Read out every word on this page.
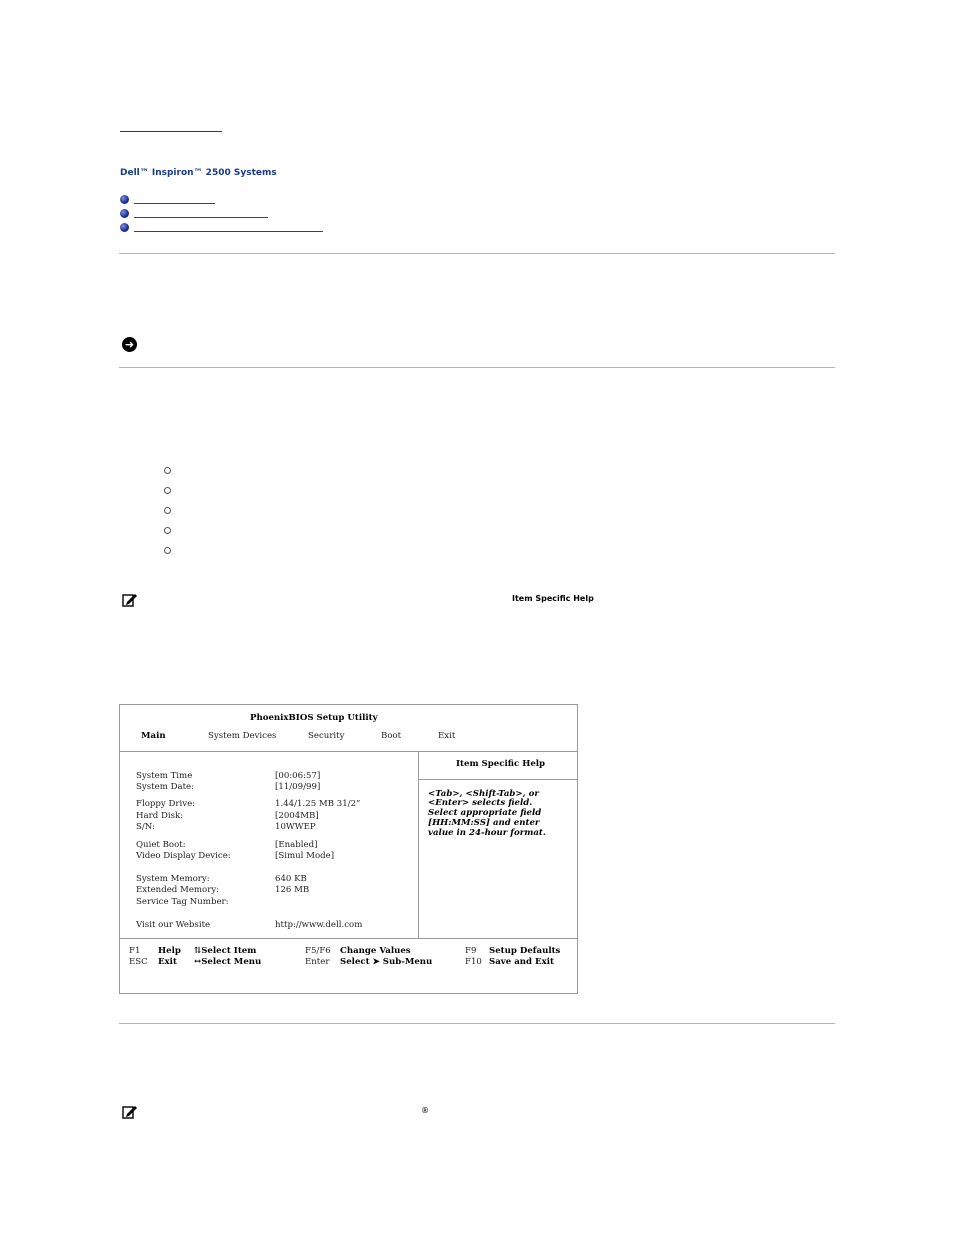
Dell™ Inspiron™ 2500 Systems
➜
Item Specific Help
PhoenixBIOS Setup Utility
Main	System Devices	Security	Boot	Exit
System Time	[00:06:57]
System Date:	[11/09/99]
Floppy Drive:	1.44/1.25 MB 31/2”
Hard Disk:	[2004MB]
S/N:	10WWEP
Quiet Boot:	[Enabled]
Video Display Device:	[Simul Mode]
System Memory:	640 KB
Extended Memory:	126 MB
Service Tag Number:
Visit our Website	http://www.dell.com
Item Specific Help
<Tab>, <Shift-Tab>, or
<Enter> selects field.
Select appropriate field
[HH:MM:SS] and enter
value in 24-hour format.
F1 Help ⇅Select Item	F5/F6 Change Values	F9 Setup Defaults
ESC Exit ↔Select Menu	Enter Select ➤ Sub-Menu	F10 Save and Exit
®
